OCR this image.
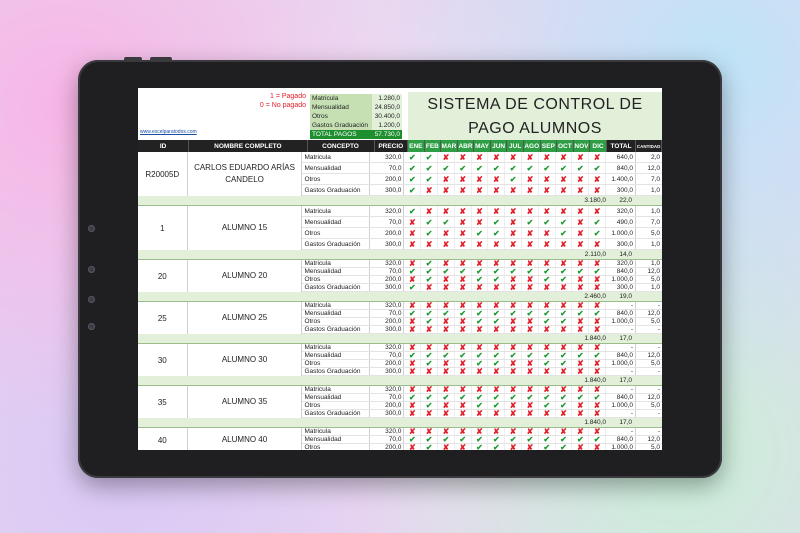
1 = Pagado
0 = No pagado
www.excelparatodos.com
Matricula	1.280,0
Mensualidad	24.850,0
Otros	30.400,0
Gastos Graduación	1.200,0
TOTAL PAGOS	57.730,0
SISTEMA DE CONTROL DE
PAGO ALUMNOS
ID	NOMBRE COMPLETO	CONCEPTO	PRECIO ENE FEB MAR ABR MAY JUN JUL AGO SEP OCT NOV DIC	TOTAL	CANTIDAD
R20005D
CARLOS EDUARDO ARÍAS CANDELO
Matricula	320,0 ✔	✔	✘	✘	✘	✘	✘	✘	✘	✘	✘	✘	640,0	2,0
Mensualidad	70,0 ✔	✔	✔	✔	✔	✔	✔	✔	✔	✔	✔	✔	840,0	12,0
Otros	200,0 ✔	✔	✘	✘	✘	✘	✔	✘	✘	✘	✘	✘	1.400,0	7,0
Gastos Graduación	300,0 ✔	✘	✘	✘	✘	✘	✘	✘	✘	✘	✘	✘	300,0	1,0
3.180,0	22,0
1	ALUMNO 15
Matricula	320,0 ✔	✘	✘	✘	✘	✘	✘	✘	✘	✘	✘	✘	320,0	1,0
Mensualidad	70,0 ✘	✔	✔	✘	✘	✔	✘	✔	✔	✔	✘	✔	490,0	7,0
Otros	200,0 ✘	✔	✘	✘	✔	✔	✘	✘	✘	✔	✘	✔	1.000,0	5,0
Gastos Graduación	300,0 ✘	✘	✘	✘	✘	✘	✘	✘	✘	✘	✘	✘	300,0	1,0
2.110,0	14,0
20	ALUMNO 20
Matricula	320,0 ✘	✔	✘	✘	✘	✘	✘	✘	✘	✘	✘	✘	320,0	1,0
Mensualidad	70,0 ✔	✔	✔	✔	✔	✔	✔	✔	✔	✔	✔	✔	840,0	12,0
Otros	200,0 ✘	✔	✘	✘	✔	✔	✘	✘	✔	✔	✘	✘	1.000,0	5,0
Gastos Graduación	300,0 ✔	✘	✘	✘	✘	✘	✘	✘	✘	✘	✘	✘	300,0	1,0
2.460,0	19,0
25	ALUMNO 25
Matricula	320,0 ✘	✘	✘	✘	✘	✘	✘	✘	✘	✘	✘	✘	-	-
Mensualidad	70,0 ✔	✔	✔	✔	✔	✔	✔	✔	✔	✔	✔	✔	840,0	12,0
Otros	200,0 ✘	✔	✘	✘	✔	✔	✘	✘	✔	✔	✘	✘	1.000,0	5,0
Gastos Graduación	300,0 ✘	✘	✘	✘	✘	✘	✘	✘	✘	✘	✘	✘	-	-
1.840,0	17,0
30	ALUMNO 30
Matricula	320,0 ✘	✘	✘	✘	✘	✘	✘	✘	✘	✘	✘	✘	-	-
Mensualidad	70,0 ✔	✔	✔	✔	✔	✔	✔	✔	✔	✔	✔	✔	840,0	12,0
Otros	200,0 ✘	✔	✘	✘	✔	✔	✘	✘	✔	✔	✘	✘	1.000,0	5,0
Gastos Graduación	300,0 ✘	✘	✘	✘	✘	✘	✘	✘	✘	✘	✘	✘	-	-
1.840,0	17,0
35	ALUMNO 35
Matricula	320,0 ✘	✘	✘	✘	✘	✘	✘	✘	✘	✘	✘	✘	-	-
Mensualidad	70,0 ✔	✔	✔	✔	✔	✔	✔	✔	✔	✔	✔	✔	840,0	12,0
Otros	200,0 ✘	✔	✘	✘	✔	✔	✘	✘	✔	✔	✘	✘	1.000,0	5,0
Gastos Graduación	300,0 ✘	✘	✘	✘	✘	✘	✘	✘	✘	✘	✘	✘	-	-
1.840,0	17,0
40	ALUMNO 40
Matricula	320,0 ✘	✘	✘	✘	✘	✘	✘	✘	✘	✘	✘	✘	-	-
Mensualidad	70,0 ✔	✔	✔	✔	✔	✔	✔	✔	✔	✔	✔	✔	840,0	12,0
Otros	200,0 ✘	✔	✘	✘	✔	✔	✘	✘	✔	✔	✘	✘	1.000,0	5,0
